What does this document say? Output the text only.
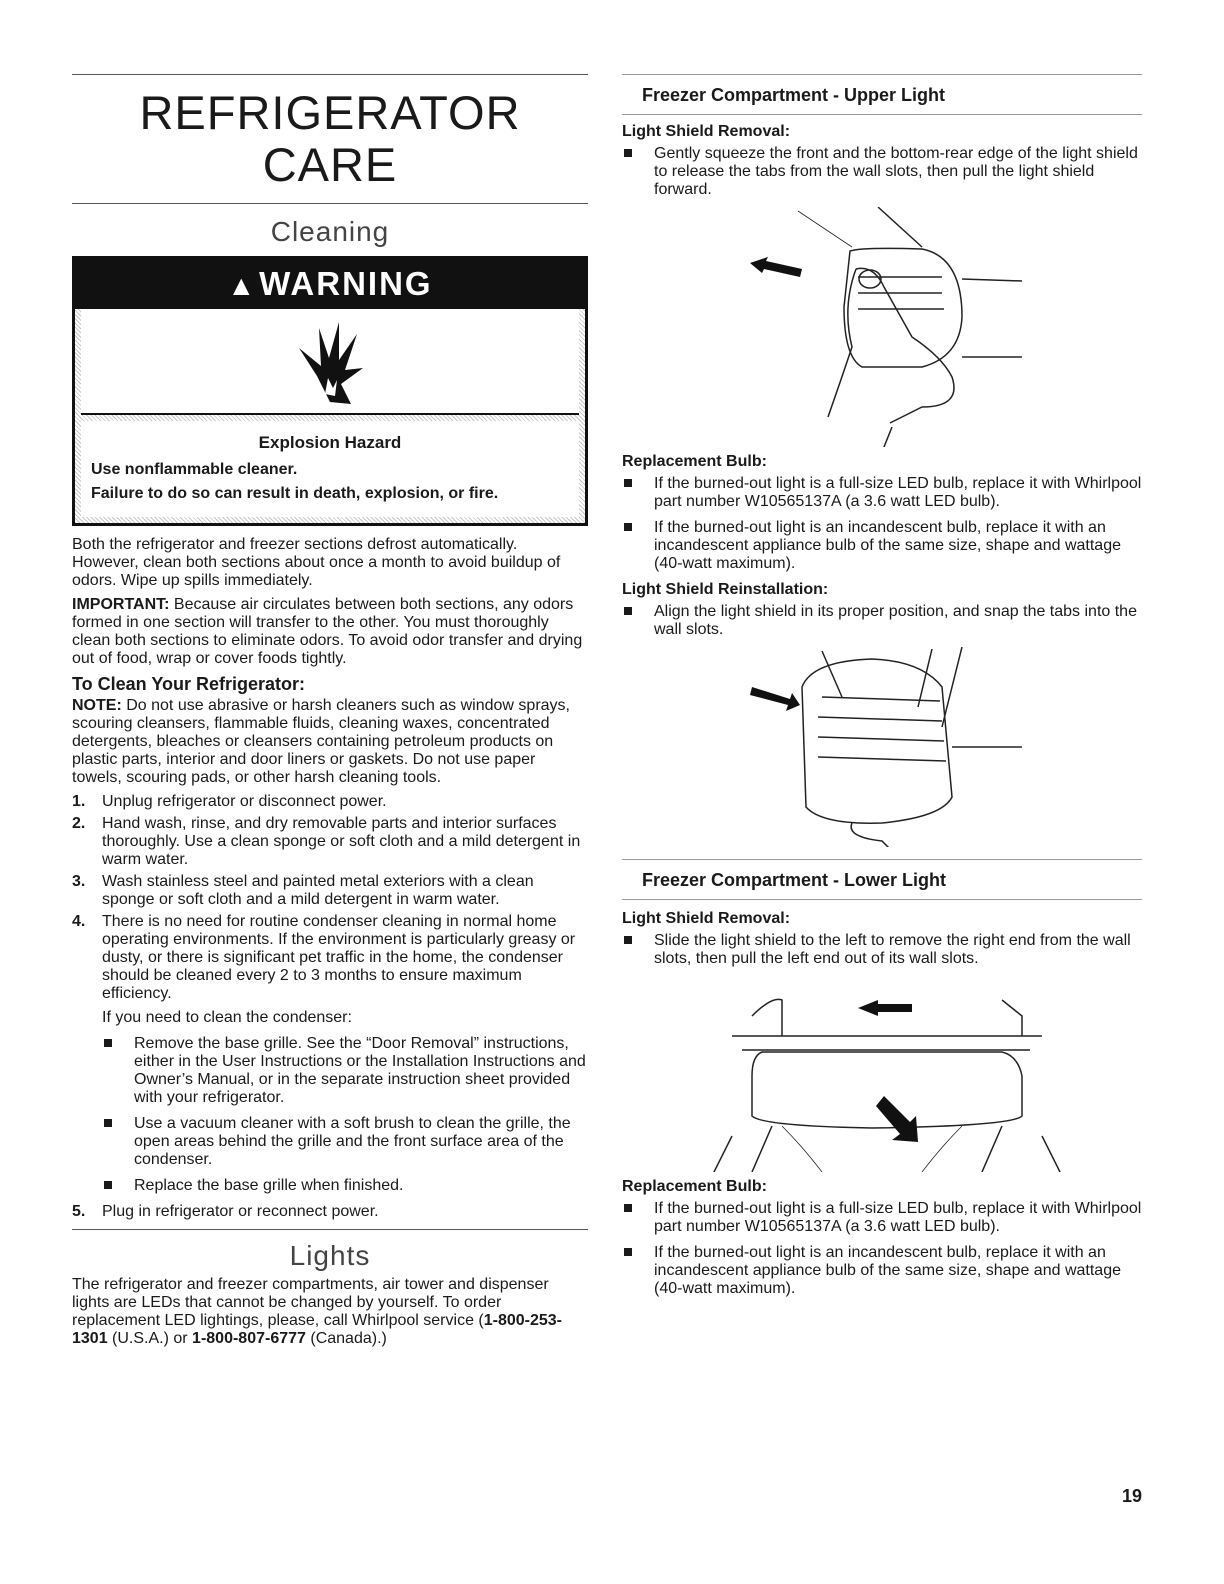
REFRIGERATOR CARE
Cleaning
▲WARNING
Explosion Hazard
Use nonflammable cleaner.
Failure to do so can result in death, explosion, or fire.

Both the refrigerator and freezer sections defrost automatically. However, clean both sections about once a month to avoid buildup of odors. Wipe up spills immediately.

IMPORTANT: Because air circulates between both sections, any odors formed in one section will transfer to the other. You must thoroughly clean both sections to eliminate odors. To avoid odor transfer and drying out of food, wrap or cover foods tightly.

To Clean Your Refrigerator:

NOTE: Do not use abrasive or harsh cleaners such as window sprays, scouring cleansers, flammable fluids, cleaning waxes, concentrated detergents, bleaches or cleansers containing petroleum products on plastic parts, interior and door liners or gaskets. Do not use paper towels, scouring pads, or other harsh cleaning tools.

1. Unplug refrigerator or disconnect power.
2. Hand wash, rinse, and dry removable parts and interior surfaces thoroughly. Use a clean sponge or soft cloth and a mild detergent in warm water.
3. Wash stainless steel and painted metal exteriors with a clean sponge or soft cloth and a mild detergent in warm water.
4. There is no need for routine condenser cleaning in normal home operating environments. If the environment is particularly greasy or dusty, or there is significant pet traffic in the home, the condenser should be cleaned every 2 to 3 months to ensure maximum efficiency.
If you need to clean the condenser:
Remove the base grille. See the “Door Removal” instructions, either in the User Instructions or the Installation Instructions and Owner’s Manual, or in the separate instruction sheet provided with your refrigerator.
Use a vacuum cleaner with a soft brush to clean the grille, the open areas behind the grille and the front surface area of the condenser.
Replace the base grille when finished.
5. Plug in refrigerator or reconnect power.
Lights

The refrigerator and freezer compartments, air tower and dispenser lights are LEDs that cannot be changed by yourself. To order replacement LED lightings, please, call Whirlpool service (1-800-253-1301 (U.S.A.) or 1-800-807-6777 (Canada).)

Freezer Compartment - Upper Light
Light Shield Removal:
Gently squeeze the front and the bottom-rear edge of the light shield to release the tabs from the wall slots, then pull the light shield forward.
Replacement Bulb:
If the burned-out light is a full-size LED bulb, replace it with Whirlpool part number W10565137A (a 3.6 watt LED bulb).
If the burned-out light is an incandescent bulb, replace it with an incandescent appliance bulb of the same size, shape and wattage (40-watt maximum).
Light Shield Reinstallation:
Align the light shield in its proper position, and snap the tabs into the wall slots.
Freezer Compartment - Lower Light
Light Shield Removal:
Slide the light shield to the left to remove the right end from the wall slots, then pull the left end out of its wall slots.
Replacement Bulb:
If the burned-out light is a full-size LED bulb, replace it with Whirlpool part number W10565137A (a 3.6 watt LED bulb).
If the burned-out light is an incandescent bulb, replace it with an incandescent appliance bulb of the same size, shape and wattage (40-watt maximum).
19
